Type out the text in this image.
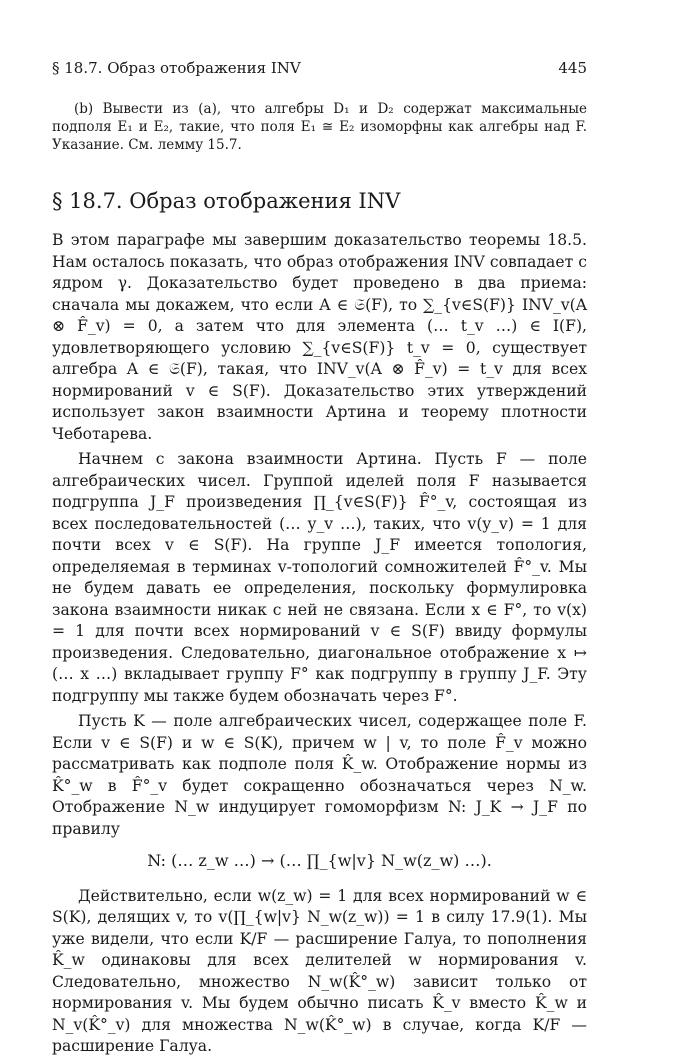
§ 18.7. Образ отображения INV	445
(b) Вывести из (a), что алгебры D₁ и D₂ содержат максимальные подполя E₁ и E₂, такие, что поля E₁ ≅ E₂ изоморфны как алгебры над F. Указание. См. лемму 15.7.
§ 18.7. Образ отображения INV

В этом параграфе мы завершим доказательство теоремы 18.5. Нам осталось показать, что образ отображения INV совпадает с ядром γ. Доказательство будет проведено в два приема: сначала мы докажем, что если A ∈ 𝔖(F), то ∑_{v∈S(F)} INV_v(A ⊗ F̂_v) = 0, а затем что для элемента (… t_v …) ∈ I(F), удовлетворяющего условию ∑_{v∈S(F)} t_v = 0, существует алгебра A ∈ 𝔖(F), такая, что INV_v(A ⊗ F̂_v) = t_v для всех нормирований v ∈ S(F). Доказательство этих утверждений использует закон взаимности Артина и теорему плотности Чеботарева.

Начнем с закона взаимности Артина. Пусть F — поле алгебраических чисел. Группой иделей поля F называется подгруппа J_F произведения ∏_{v∈S(F)} F̂°_v, состоящая из всех последовательностей (… y_v …), таких, что v(y_v) = 1 для почти всех v ∈ S(F). На группе J_F имеется топология, определяемая в терминах v-топологий сомножителей F̂°_v. Мы не будем давать ее определения, поскольку формулировка закона взаимности никак с ней не связана. Если x ∈ F°, то v(x) = 1 для почти всех нормирований v ∈ S(F) ввиду формулы произведения. Следовательно, диагональное отображение x ↦ (… x …) вкладывает группу F° как подгруппу в группу J_F. Эту подгруппу мы также будем обозначать через F°.

Пусть K — поле алгебраических чисел, содержащее поле F. Если v ∈ S(F) и w ∈ S(K), причем w | v, то поле F̂_v можно рассматривать как подполе поля K̂_w. Отображение нормы из K̂°_w в F̂°_v будет сокращенно обозначаться через N_w. Отображение N_w индуцирует гомоморфизм N: J_K → J_F по правилу

N: (… z_w …) → (… ∏_{w|v} N_w(z_w) …).

Действительно, если w(z_w) = 1 для всех нормирований w ∈ S(K), делящих v, то v(∏_{w|v} N_w(z_w)) = 1 в силу 17.9(1). Мы уже видели, что если K/F — расширение Галуа, то пополнения K̂_w одинаковы для всех делителей w нормирования v. Следовательно, множество N_w(K̂°_w) зависит только от нормирования v. Мы будем обычно писать K̂_v вместо K̂_w и N_v(K̂°_v) для множества N_w(K̂°_w) в случае, когда K/F — расширение Галуа.
